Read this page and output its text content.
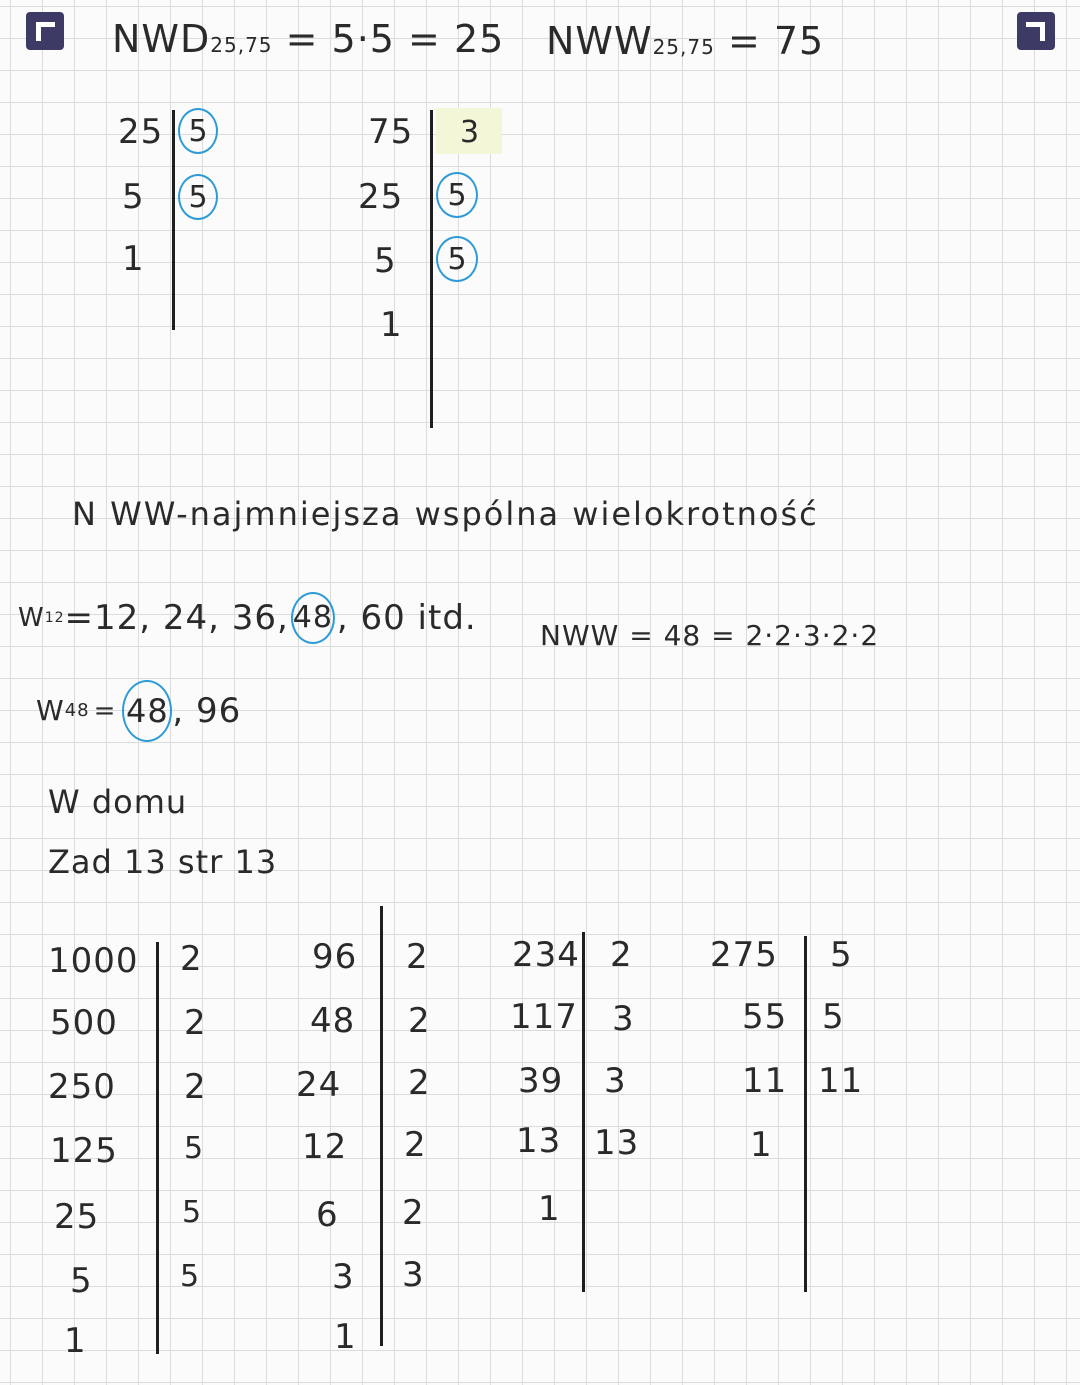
NWD25,75 = 5·5 = 25 NWW25,75 = 75
25
5
1
5
5
75
25
5
1
3
5
5
N WW-najmniejsza wspólna wielokrotność
W 12 =12, 24, 36, 48 , 60 itd. NWW = 48 = 2·2·3·2·2
W 48 = 48 , 96
W domu
Zad 13 str 13
1000
500
250
125
25
5
1
2
2
2
5
5
5
96
48
24
12
6
3
1
2
2
2
2
2
3
234
117
39
13
1
2
3
3
13
275
55
11
1
5
5
11
